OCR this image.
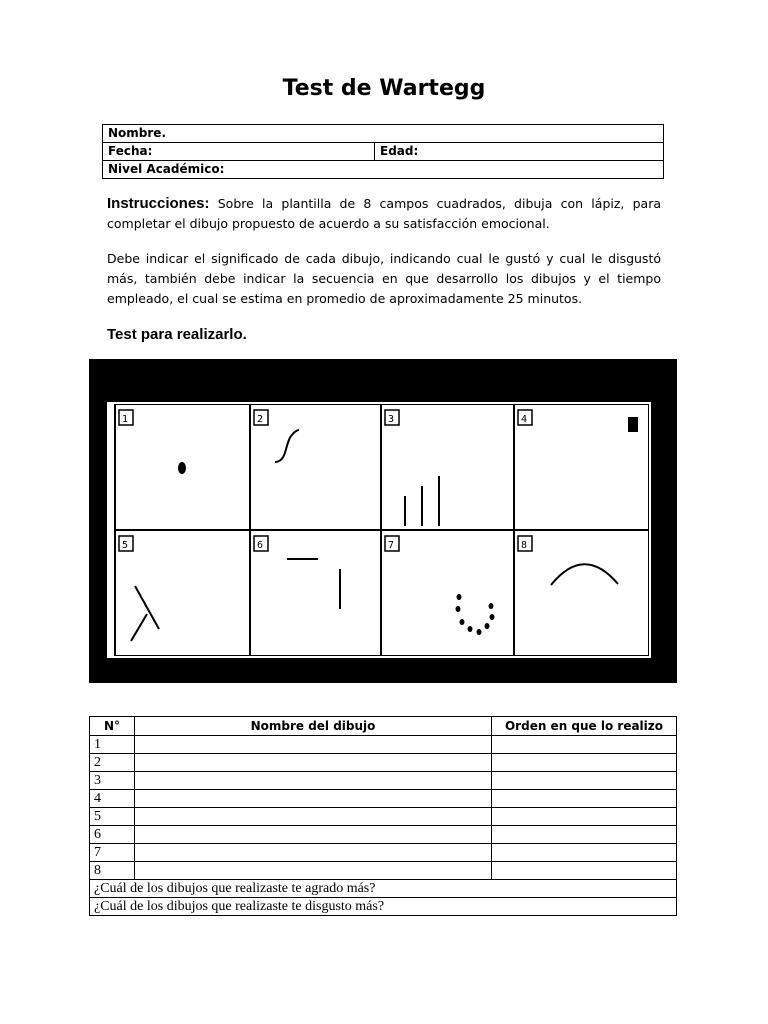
Test de Wartegg
Nombre.
Fecha:	Edad:
Nivel Académico:
Instrucciones: Sobre la plantilla de 8 campos cuadrados, dibuja con lápiz, para completar el dibujo propuesto de acuerdo a su satisfacción emocional.
Debe indicar el significado de cada dibujo, indicando cual le gustó y cual le disgustó más, también debe indicar la secuencia en que desarrollo los dibujos y el tiempo empleado, el cual se estima en promedio de aproximadamente 25 minutos.
Test para realizarlo.
1	2	3	4
5	6	7	8
N°	Nombre del dibujo	Orden en que lo realizo
1		
2		
3		
4		
5		
6		
7		
8		
¿Cuál de los dibujos que realizaste te agrado más?		
¿Cuál de los dibujos que realizaste te disgusto más?		
